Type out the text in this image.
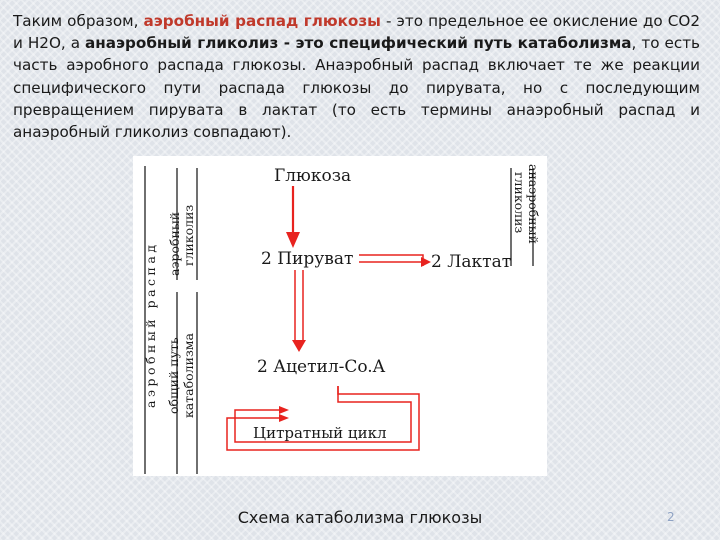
Таким образом, аэробный распад глюкозы - это предельное ее окисление до CO2 и H2O, а анаэробный гликолиз - это специфический путь катаболизма, то есть часть аэробного распада глюкозы. Анаэробный распад включает те же реакции специфического пути распада глюкозы до пирувата, но с последующим превращением пирувата в лактат (то есть термины анаэробный распад и анаэробный гликолиз совпадают).

Глюкоза
2 Пируват	2 Лактат
2 Ацетил-Co.A
Цитратный цикл
аэробный распад аэробный гликолиз
общий путь катаболизма
анаэробный
гликолиз
Схема катаболизма глюкозы	2
